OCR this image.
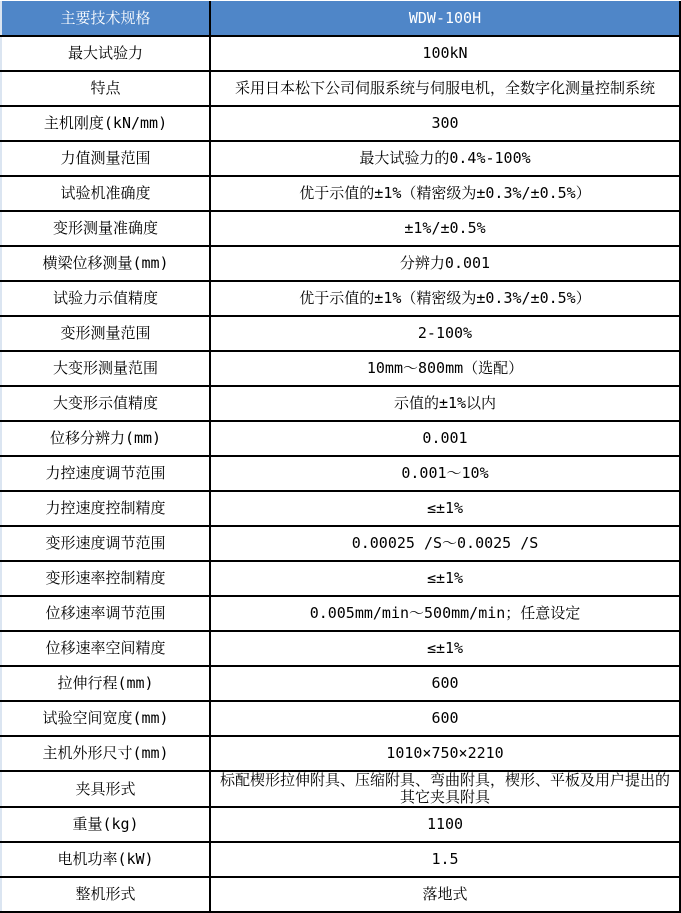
主要技术规格	WDW-100H
最大试验力	100kN
特点	采用日本松下公司伺服系统与伺服电机，全数字化测量控制系统
主机刚度(kN/mm)	300
力值测量范围	最大试验力的0.4%-100%
试验机准确度	优于示值的±1%（精密级为±0.3%/±0.5%）
变形测量准确度	±1%/±0.5%
横梁位移测量(mm)	分辨力0.001
试验力示值精度	优于示值的±1%（精密级为±0.3%/±0.5%）
变形测量范围	2-100%
大变形测量范围	10mm～800mm（选配）
大变形示值精度	示值的±1%以内
位移分辨力(mm)	0.001
力控速度调节范围	0.001～10%
力控速度控制精度	≤±1%
变形速度调节范围	0.00025 /S～0.0025 /S
变形速率控制精度	≤±1%
位移速率调节范围	0.005mm/min～500mm/min；任意设定
位移速率空间精度	≤±1%
拉伸行程(mm)	600
试验空间宽度(mm)	600
主机外形尺寸(mm)	1010×750×2210
夹具形式	标配楔形拉伸附具、压缩附具、弯曲附具，楔形、平板及用户提出的其它夹具附具
重量(kg)	1100
电机功率(kW)	1.5
整机形式	落地式
